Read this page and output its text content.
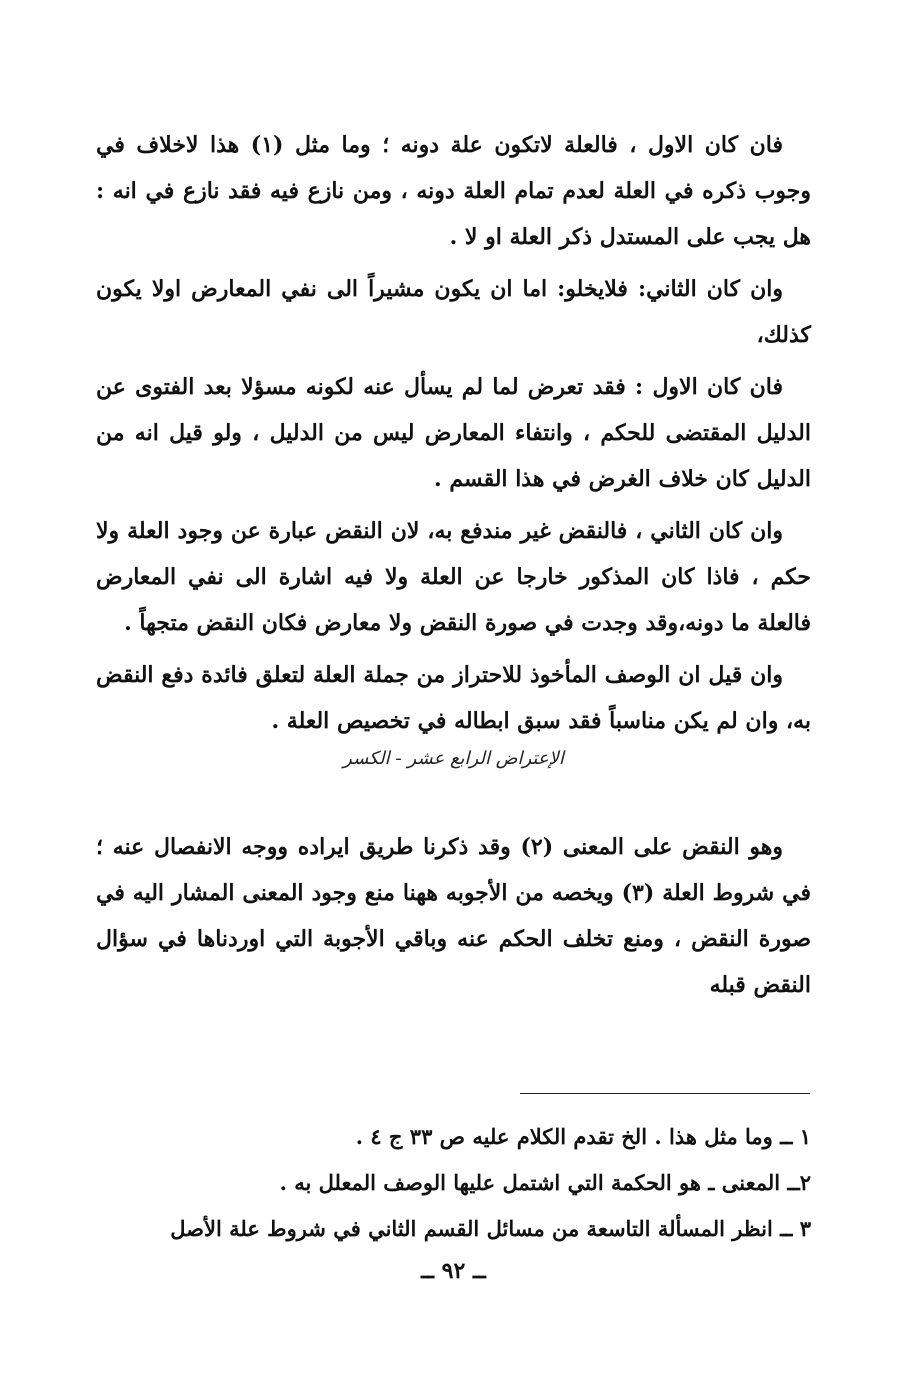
فان كان الاول ، فالعلة لاتكون علة دونه ؛ وما مثل (١) هذا لاخلاف في وجوب ذكره في العلة لعدم تمام العلة دونه ، ومن نازع فيه فقد نازع في انه : هل يجب على المستدل ذكر العلة او لا .

وان كان الثاني: فلايخلو: اما ان يكون مشيراً الى نفي المعارض اولا يكون كذلك،

فان كان الاول : فقد تعرض لما لم يسأل عنه لكونه مسؤلا بعد الفتوى عن الدليل المقتضى للحكم ، وانتفاء المعارض ليس من الدليل ، ولو قيل انه من الدليل كان خلاف الغرض في هذا القسم .

وان كان الثاني ، فالنقض غير مندفع به، لان النقض عبارة عن وجود العلة ولا حكم ، فاذا كان المذكور خارجا عن العلة ولا فيه اشارة الى نفي المعارض فالعلة ما دونه،وقد وجدت في صورة النقض ولا معارض فكان النقض متجهاً .

وان قيل ان الوصف المأخوذ للاحتراز من جملة العلة لتعلق فائدة دفع النقض به، وان لم يكن مناسباً فقد سبق ابطاله في تخصيص العلة .

الإعتراض الرابع عشر - الكسر

وهو النقض على المعنى (٢) وقد ذكرنا طريق ايراده ووجه الانفصال عنه ؛ في شروط العلة (٣) ويخصه من الأجوبه ههنا منع وجود المعنى المشار اليه في صورة النقض ، ومنع تخلف الحكم عنه وباقي الأجوبة التي اوردناها في سؤال النقض قبله

١ ــ وما مثل هذا . الخ تقدم الكلام عليه ص ٣٣ ج ٤ .
٢ــ المعنى ـ هو الحكمة التي اشتمل عليها الوصف المعلل به .
٣ ــ انظر المسألة التاسعة من مسائل القسم الثاني في شروط علة الأصل
ــ ٩٢ ــ
